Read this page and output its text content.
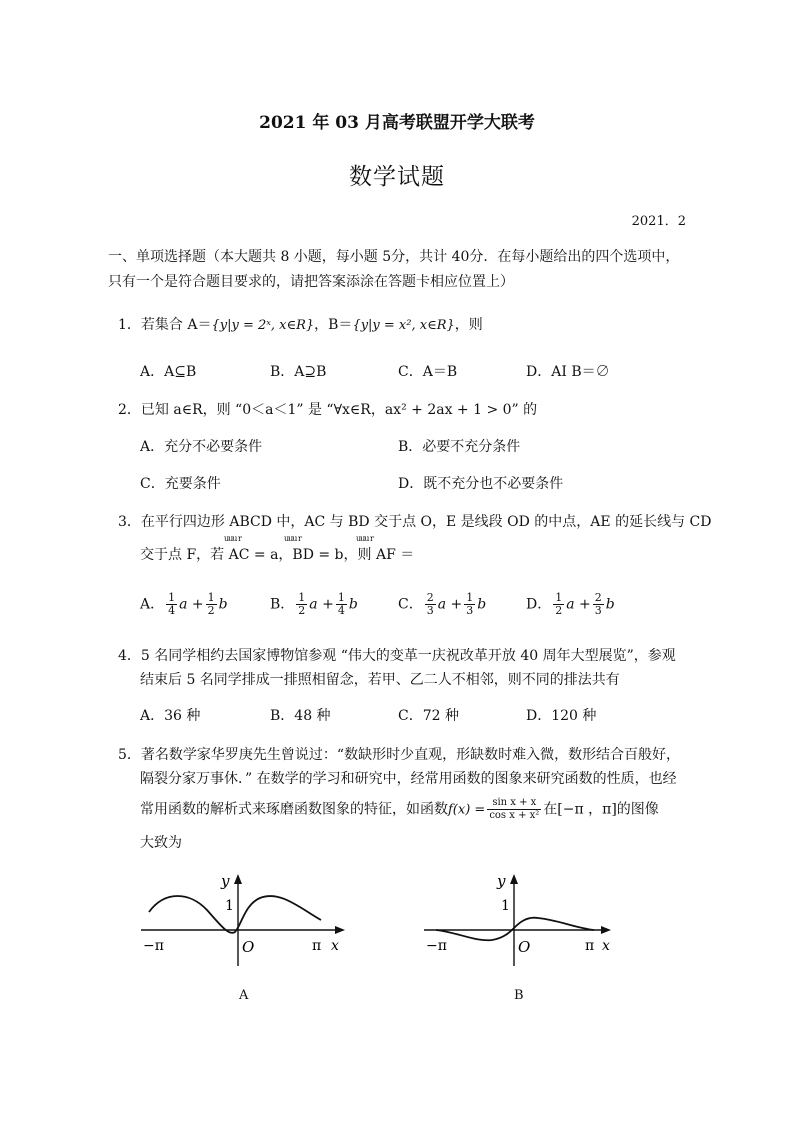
2021 年 03 月高考联盟开学大联考
数学试题
2021．2
一、单项选择题（本大题共 8 小题，每小题 5分，共计 40分．在每小题给出的四个选项中，
只有一个是符合题目要求的，请把答案添涂在答题卡相应位置上）
1．若集合 A＝{y|y = 2ˣ, x∈R}，B＝{y|y = x², x∈R}，则
A．A⊆B	B．A⊇B	C．A＝B	D．AI B＝∅
2．已知 a∈R，则 “0＜a＜1” 是 “∀x∈R，ax² + 2ax + 1 > 0” 的
A．充分不必要条件	B．必要不充分条件
C．充要条件	D．既不充分也不必要条件
3．在平行四边形 ABCD 中，AC 与 BD 交于点 O，E 是线段 OD 的中点，AE 的延长线与 CD
uuu r	uuu r	uuu r
交于点 F，若 AC = a，BD = b，则 AF ＝
A． $\frac{1}{4}$ $a + \frac{1}{2}$ b	B． $\frac{1}{2}$ $a + \frac{1}{4}$ b	C． $\frac{2}{3}$ $a + \frac{1}{3}$ b	D． $\frac{1}{2}$ $a + \frac{2}{3}$ b
4．5 名同学相约去国家博物馆参观 “伟大的变革一庆祝改革开放 40 周年大型展览”，参观
结束后 5 名同学排成一排照相留念，若甲、乙二人不相邻，则不同的排法共有
A．36 种	B．48 种	C．72 种	D．120 种
5．著名数学家华罗庚先生曾说过：“数缺形时少直观，形缺数时难入微，数形结合百般好，
隔裂分家万事休．” 在数学的学习和研究中，经常用函数的图象来研究函数的性质，也经
常用函数的解析式来琢磨函数图象的特征，如函数$f(x) = \frac{\text{sin x + x}}{\text{cos x + x²}}$ 在[−π ，π]的图像
大致为
y
1
O
−π	π x
A
y
1
O
−π	π x
B
